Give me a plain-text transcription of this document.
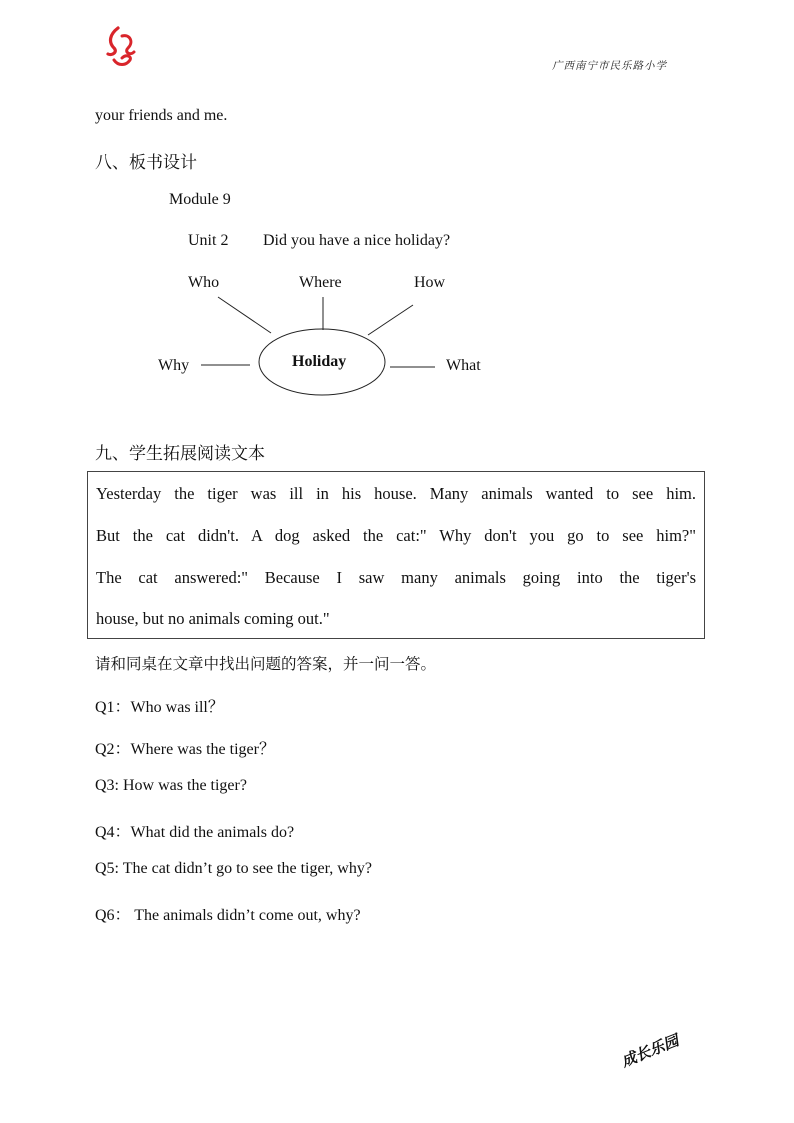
广西南宁市民乐路小学
your friends and me.
八、板书设计
Module 9
Unit 2 Did you have a nice holiday?
Who	Where	How
Why	What
Holiday
九、学生拓展阅读文本
Yesterday the tiger was ill in his house. Many animals wanted to see him.
But the cat didn't. A dog asked the cat:" Why don't you go to see him?"
The cat answered:" Because I saw many animals going into the tiger's
house, but no animals coming out."
请和同桌在文章中找出问题的答案，并一问一答。
Q1：Who was ill？
Q2：Where was the tiger？
Q3: How was the tiger?
Q4：What did the animals do?
Q5: The cat didn’t go to see the tiger, why?
Q6： The animals didn’t come out, why?
成长乐园
